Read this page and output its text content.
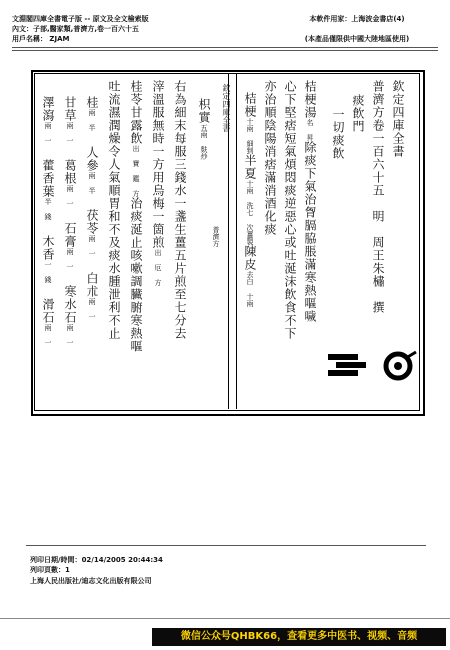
文淵閣四庫全書電子版 -- 原文及全文檢索版
內文：子部,醫家類,普濟方,卷一百六十五
用戶名稱： ZJAM
本軟件用家：上海波金書店(4)
(本產品僅限供中國大陸地區使用)
欽定四庫全書
普濟方卷一百六十五　明　周王朱橚　撰
痰飲門
一切痰飲
桔梗湯名 昇除痰下氣治胷膈脇脹滿寒熱嘔噦
心下堅痞短氣煩悶痰逆惡心或吐涎沫飲食不下
亦治順陰陽消痞滿消酒化痰
桔梗十兩 細剉半夏十兩 洗七 次薑製陳皮去白 十兩
欽定四庫全書
普濟方
枳實五兩 麩炒
右為細末每服三錢水一盞生薑五片煎至七分去
滓溫服無時一方用烏梅一箇煎出 厄 方
桂苓甘露飲出 寶 鑑 方治痰涎止咳嗽調臟腑寒熱嘔
吐流濕潤燥令人氣順胃和不及痰水腫泄利不止
桂兩 半 人參兩 半 茯苓兩 一 白朮兩 一
甘草兩 一 葛根兩 一 石膏兩 一 寒水石兩 一
澤瀉兩 一 藿香葉半 錢 木香一 錢 滑石兩 一
列印日期/時間：02/14/2005 20:44:34
列印頁數：1
上海人民出版社/迪志文化出版有限公司
微信公众号QHBK66，查看更多中医书、视频、音频
